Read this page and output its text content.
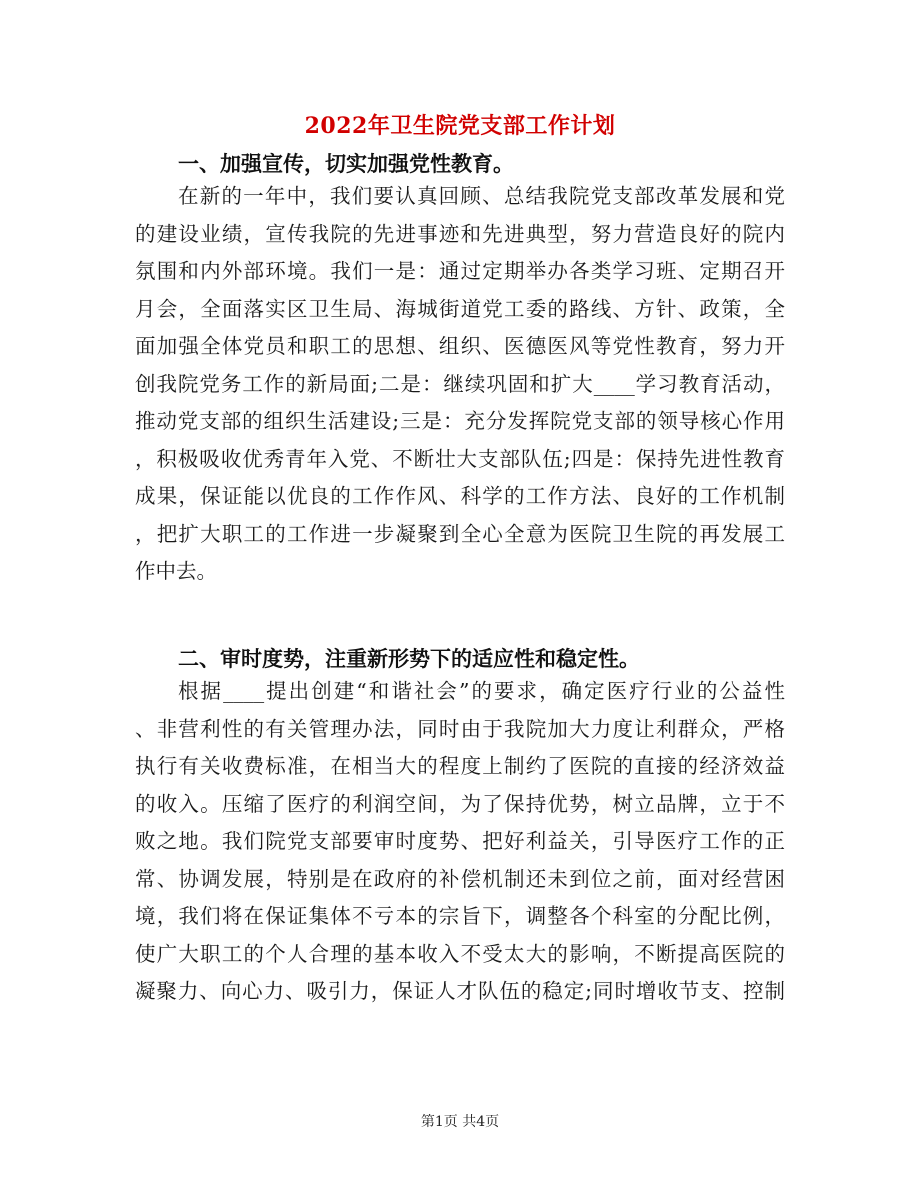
2022年卫生院党支部工作计划
一、加强宣传，切实加强党性教育。
在新的一年中，我们要认真回顾、总结我院党支部改革发展和党
的建设业绩，宣传我院的先进事迹和先进典型，努力营造良好的院内
氛围和内外部环境。我们一是：通过定期举办各类学习班、定期召开
月会，全面落实区卫生局、海城街道党工委的路线、方针、政策，全
面加强全体党员和职工的思想、组织、医德医风等党性教育，努力开
创我院党务工作的新局面;二是：继续巩固和扩大____学习教育活动，
推动党支部的组织生活建设;三是：充分发挥院党支部的领导核心作用
，积极吸收优秀青年入党、不断壮大支部队伍;四是：保持先进性教育
成果，保证能以优良的工作作风、科学的工作方法、良好的工作机制
，把扩大职工的工作进一步凝聚到全心全意为医院卫生院的再发展工
作中去。
二、审时度势，注重新形势下的适应性和稳定性。
根据____提出创建“和谐社会”的要求，确定医疗行业的公益性
、非营利性的有关管理办法，同时由于我院加大力度让利群众，严格
执行有关收费标准，在相当大的程度上制约了医院的直接的经济效益
的收入。压缩了医疗的利润空间，为了保持优势，树立品牌，立于不
败之地。我们院党支部要审时度势、把好利益关，引导医疗工作的正
常、协调发展，特别是在政府的补偿机制还未到位之前，面对经营困
境，我们将在保证集体不亏本的宗旨下，调整各个科室的分配比例，
使广大职工的个人合理的基本收入不受太大的影响，不断提高医院的
凝聚力、向心力、吸引力，保证人才队伍的稳定;同时增收节支、控制
第1页 共4页
